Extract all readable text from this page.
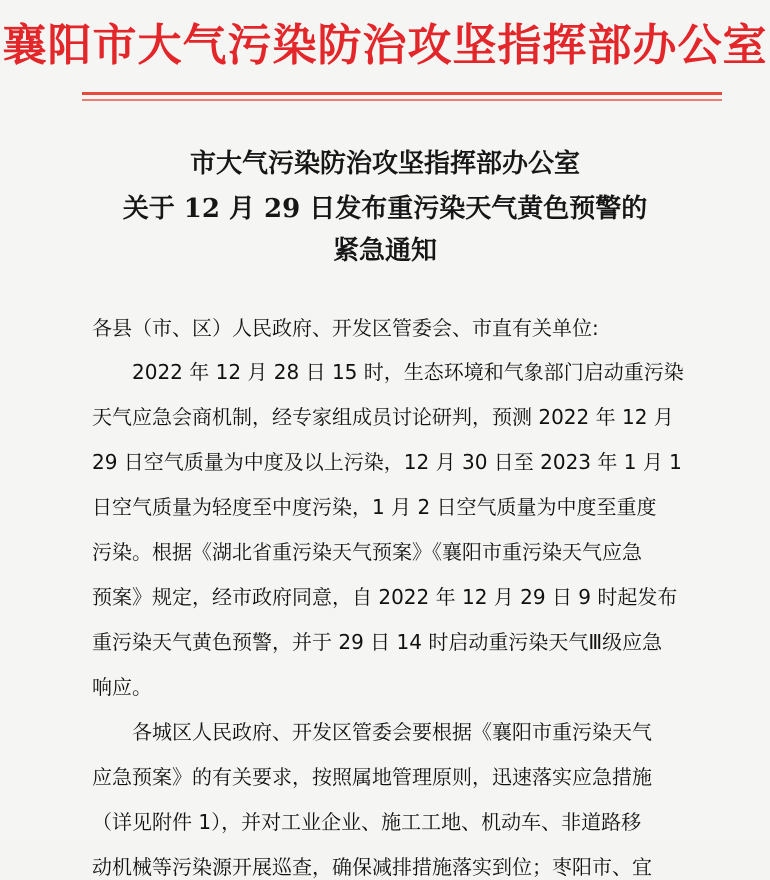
襄阳市大气污染防治攻坚指挥部办公室
市大气污染防治攻坚指挥部办公室
关于 12 月 29 日发布重污染天气黄色预警的
紧急通知
各县（市、区）人民政府、开发区管委会、市直有关单位:
2022 年 12 月 28 日 15 时，生态环境和气象部门启动重污染
天气应急会商机制，经专家组成员讨论研判，预测 2022 年 12 月
29 日空气质量为中度及以上污染，12 月 30 日至 2023 年 1 月 1
日空气质量为轻度至中度污染，1 月 2 日空气质量为中度至重度
污染。根据《湖北省重污染天气预案》《襄阳市重污染天气应急
预案》规定，经市政府同意，自 2022 年 12 月 29 日 9 时起发布
重污染天气黄色预警，并于 29 日 14 时启动重污染天气Ⅲ级应急
响应。
各城区人民政府、开发区管委会要根据《襄阳市重污染天气
应急预案》的有关要求，按照属地管理原则，迅速落实应急措施
（详见附件 1），并对工业企业、施工工地、机动车、非道路移
动机械等污染源开展巡查，确保减排措施落实到位；枣阳市、宜
